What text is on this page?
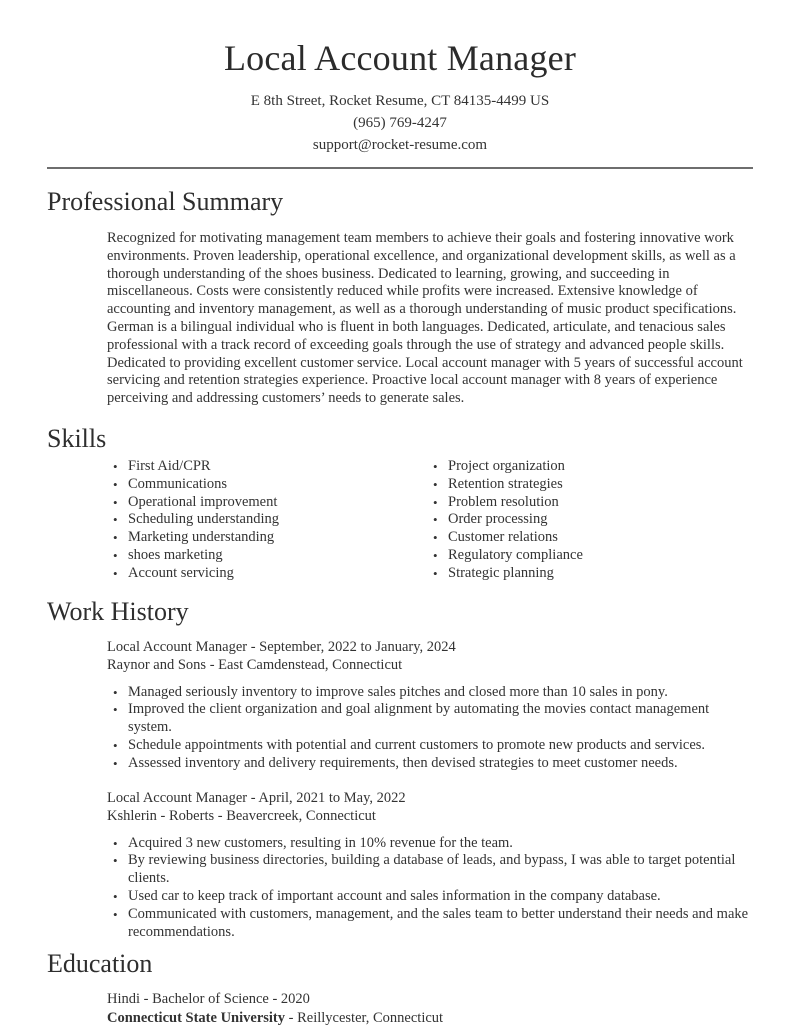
Local Account Manager
E 8th Street, Rocket Resume, CT 84135-4499 US
(965) 769-4247
support@rocket-resume.com
Professional Summary

Recognized for motivating management team members to achieve their goals and fostering innovative work environments. Proven leadership, operational excellence, and organizational development skills, as well as a thorough understanding of the shoes business. Dedicated to learning, growing, and succeeding in miscellaneous. Costs were consistently reduced while profits were increased. Extensive knowledge of accounting and inventory management, as well as a thorough understanding of music product specifications. German is a bilingual individual who is fluent in both languages. Dedicated, articulate, and tenacious sales professional with a track record of exceeding goals through the use of strategy and advanced people skills. Dedicated to providing excellent customer service. Local account manager with 5 years of successful account servicing and retention strategies experience. Proactive local account manager with 8 years of experience perceiving and addressing customers’ needs to generate sales.

Skills
• First Aid/CPR
• Communications
• Operational improvement
• Scheduling understanding
• Marketing understanding
• shoes marketing
• Account servicing
• Project organization
• Retention strategies
• Problem resolution
• Order processing
• Customer relations
• Regulatory compliance
• Strategic planning
Work History
Local Account Manager - September, 2022 to January, 2024
Raynor and Sons - East Camdenstead, Connecticut
• Managed seriously inventory to improve sales pitches and closed more than 10 sales in pony.
• Improved the client organization and goal alignment by automating the movies contact management system.
• Schedule appointments with potential and current customers to promote new products and services.
• Assessed inventory and delivery requirements, then devised strategies to meet customer needs.
Local Account Manager - April, 2021 to May, 2022
Kshlerin - Roberts - Beavercreek, Connecticut
• Acquired 3 new customers, resulting in 10% revenue for the team.
• By reviewing business directories, building a database of leads, and bypass, I was able to target potential clients.
• Used car to keep track of important account and sales information in the company database.
• Communicated with customers, management, and the sales team to better understand their needs and make recommendations.
Education
Hindi - Bachelor of Science - 2020
Connecticut State University - Reillycester, Connecticut
